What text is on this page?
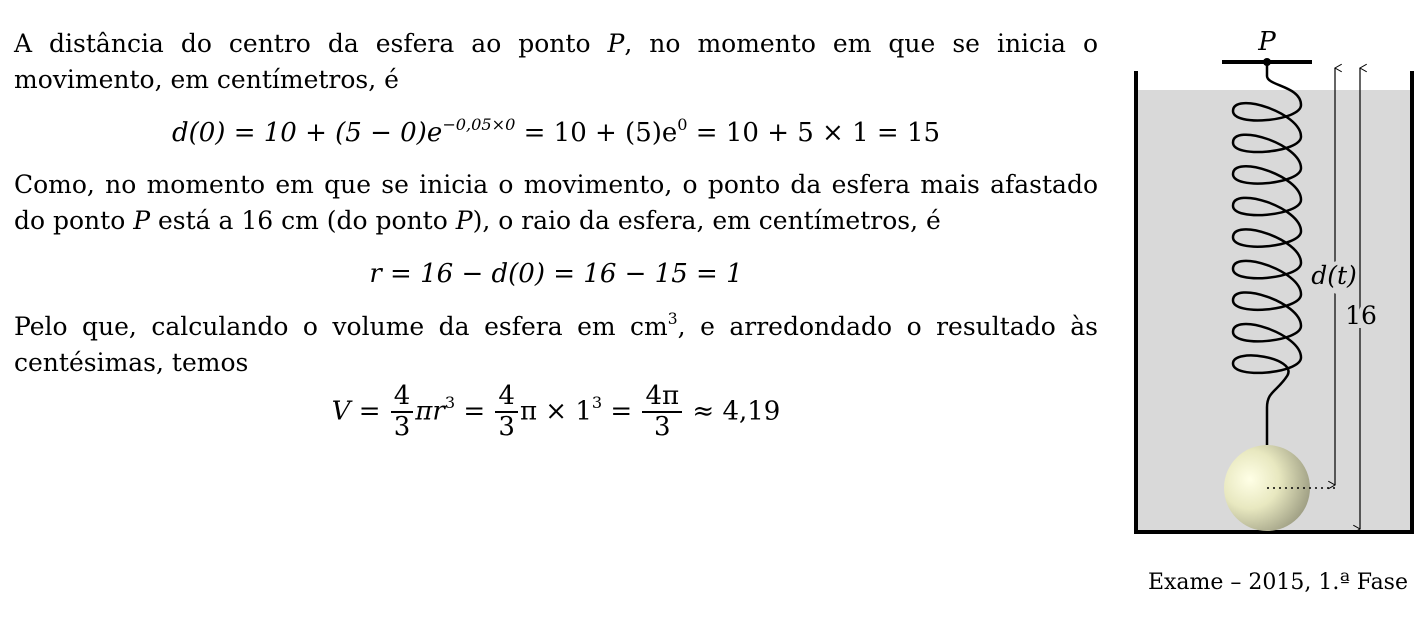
A distância do centro da esfera ao ponto P, no momento em que se inicia o movimento, em centímetros, é

$d(0) = 10 + (5 - 0)e^{-0,05\times 0} = 10 + (5)e^0 = 10 + 5 \times 1 = 15$

Como, no momento em que se inicia o movimento, o ponto da esfera mais afastado do ponto P está a 16 cm (do ponto P), o raio da esfera, em centímetros, é

r = 16 − d(0) = 16 − 15 = 1

Pelo que, calculando o volume da esfera em $cm^3$, e arredondado o resultado às centésimas, temos

$V = \frac{4}{3} \pi r^3 = \frac{4}{3}$ $\pi \times 1^3 = \frac{4\pi}{3} \approx 4,19$
P
d(t)
16
Exame – 2015, 1.ª Fase
